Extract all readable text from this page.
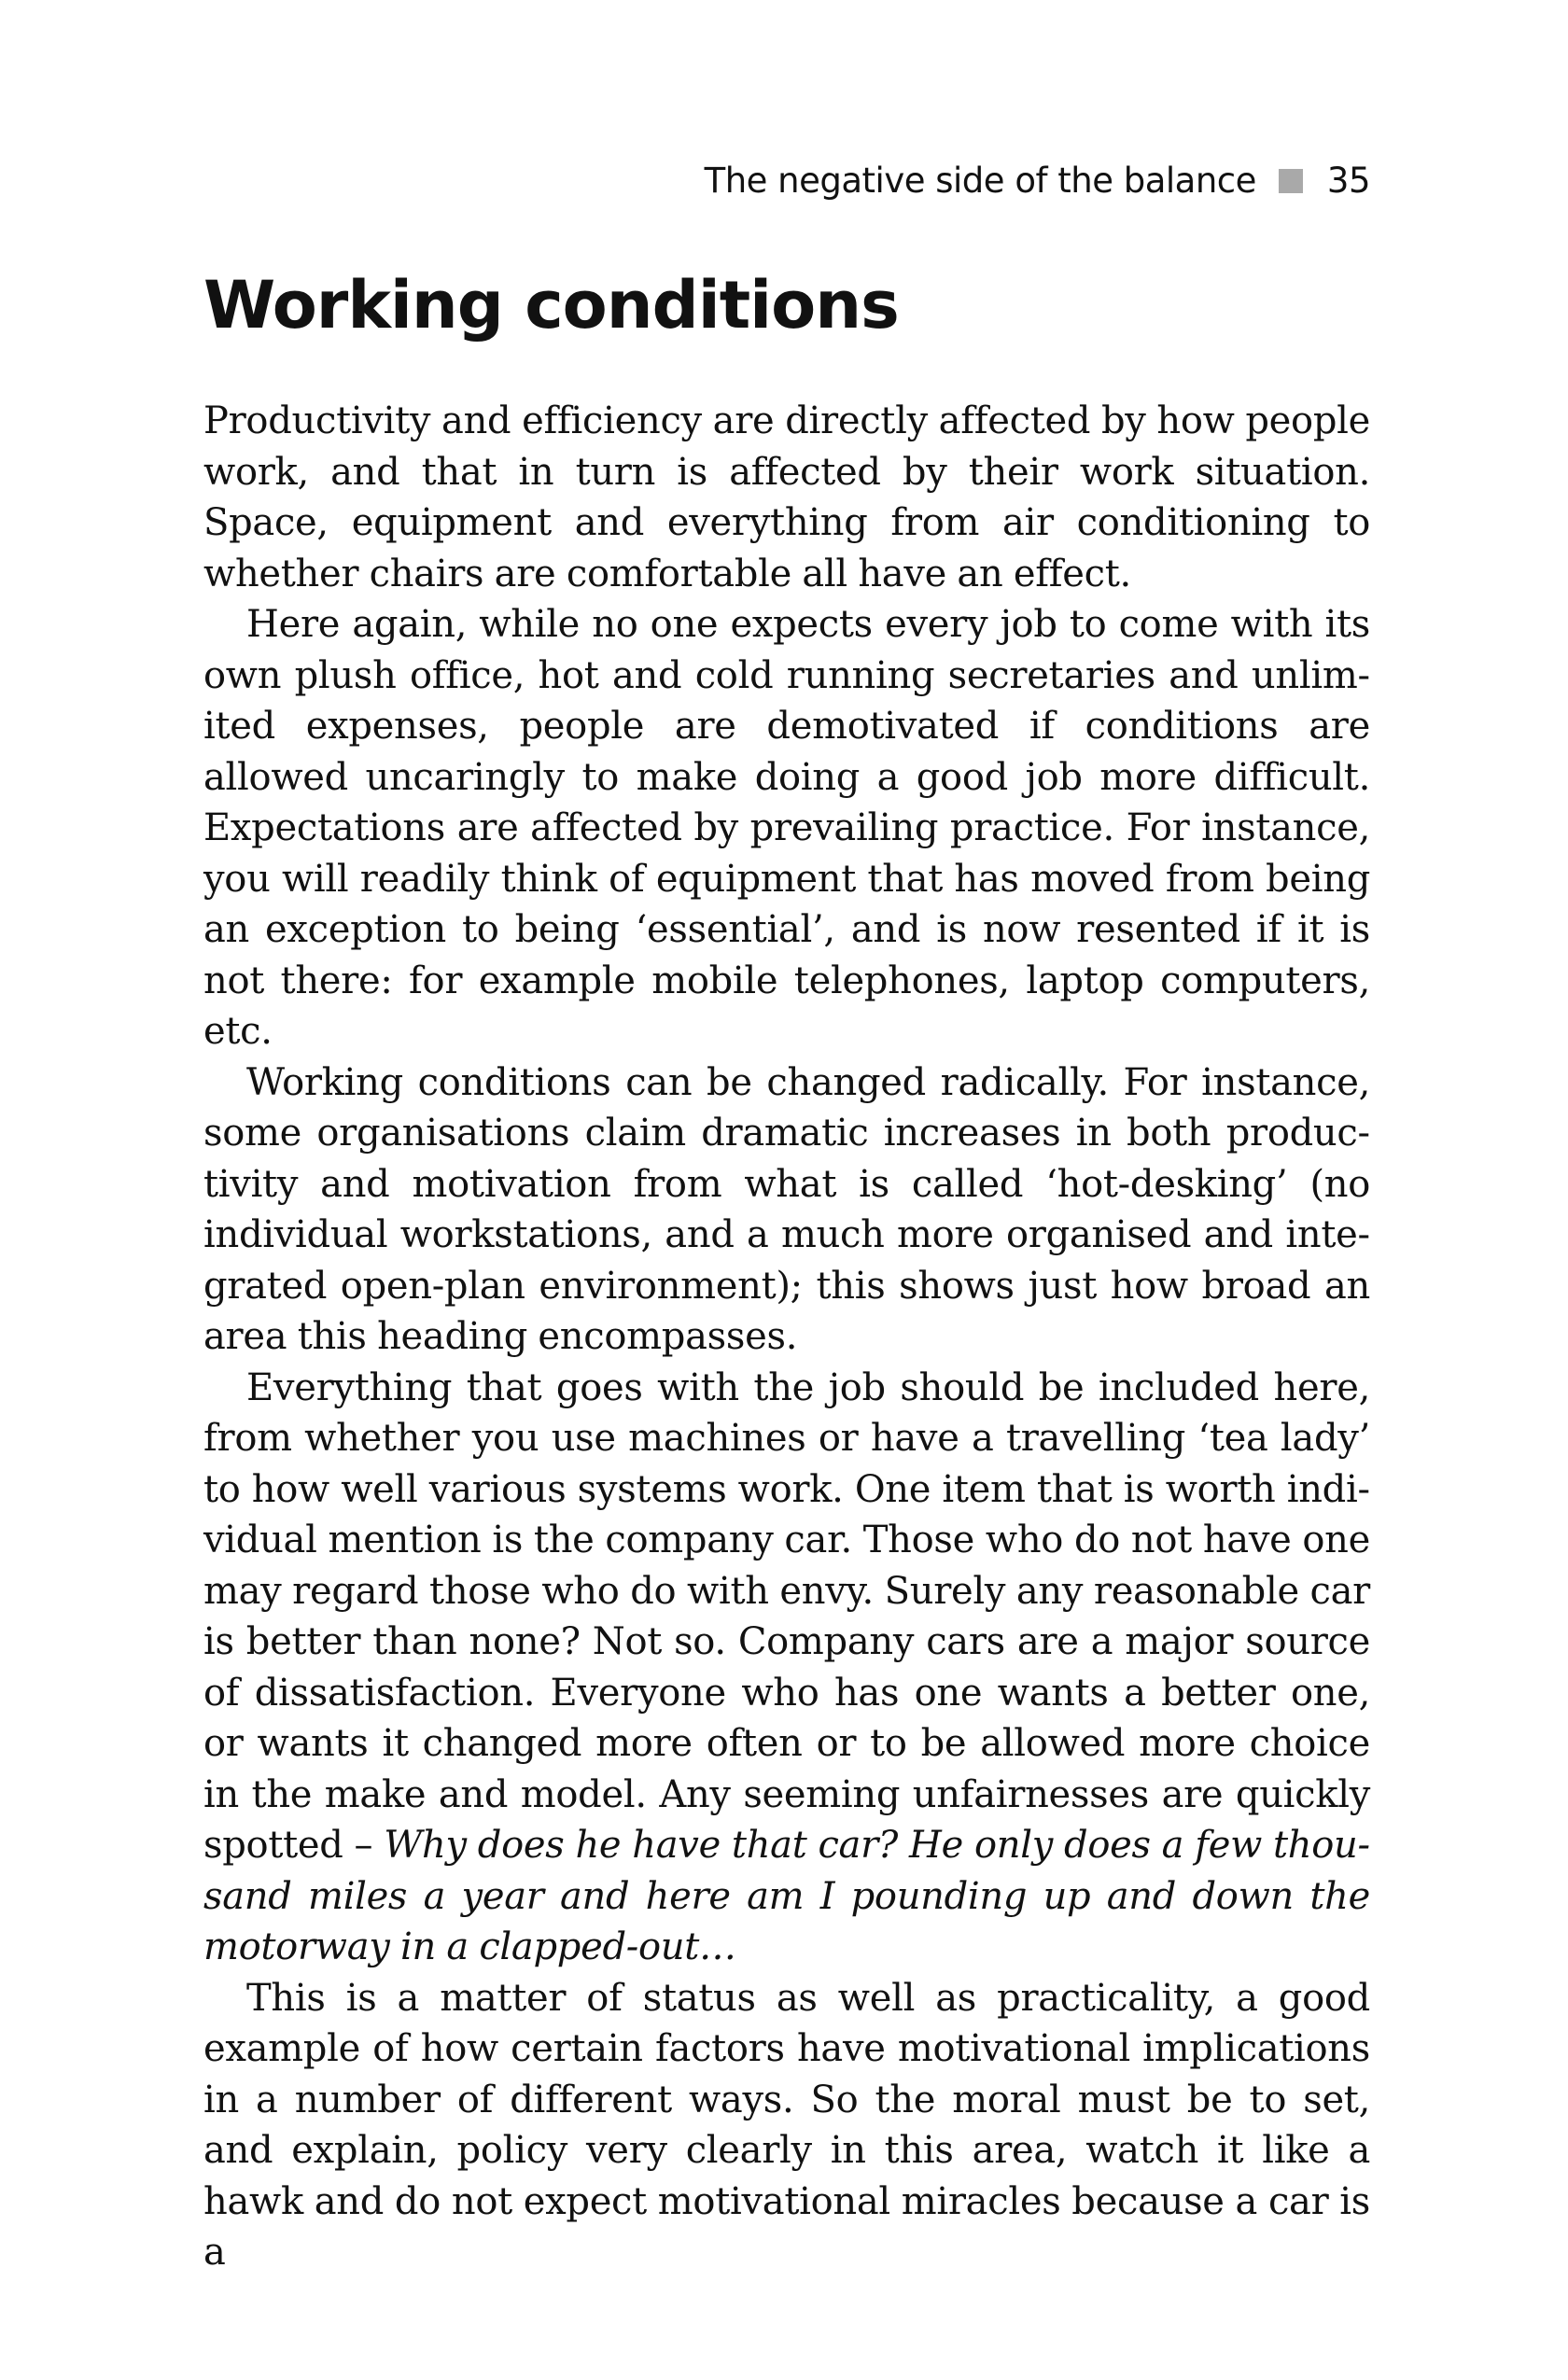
The negative side of the balance 35
Working conditions

Productivity and efficiency are directly affected by how people work, and that in turn is affected by their work situation. Space, equipment and everything from air conditioning to whether chairs are comfortable all have an effect.

Here again, while no one expects every job to come with its own plush office, hot and cold running secretaries and unlimited expenses, people are demotivated if conditions are allowed uncaringly to make doing a good job more difficult. Expectations are affected by prevailing practice. For instance, you will readily think of equipment that has moved from being an exception to being ‘essential’, and is now resented if it is not there: for example mobile telephones, laptop computers, etc.

Working conditions can be changed radically. For instance, some organisations claim dramatic increases in both productivity and motivation from what is called ‘hot-desking’ (no individual workstations, and a much more organised and integrated open-plan environment); this shows just how broad an area this heading encompasses.

Everything that goes with the job should be included here, from whether you use machines or have a travelling ‘tea lady’ to how well various systems work. One item that is worth individual mention is the company car. Those who do not have one may regard those who do with envy. Surely any reasonable car is better than none? Not so. Company cars are a major source of dissatisfaction. Everyone who has one wants a better one, or wants it changed more often or to be allowed more choice in the make and model. Any seeming unfairnesses are quickly spotted – Why does he have that car? He only does a few thousand miles a year and here am I pounding up and down the motorway in a clapped-out…

This is a matter of status as well as practicality, a good example of how certain factors have motivational implications in a number of different ways. So the moral must be to set, and explain, policy very clearly in this area, watch it like a hawk and do not expect motivational miracles because a car is a
